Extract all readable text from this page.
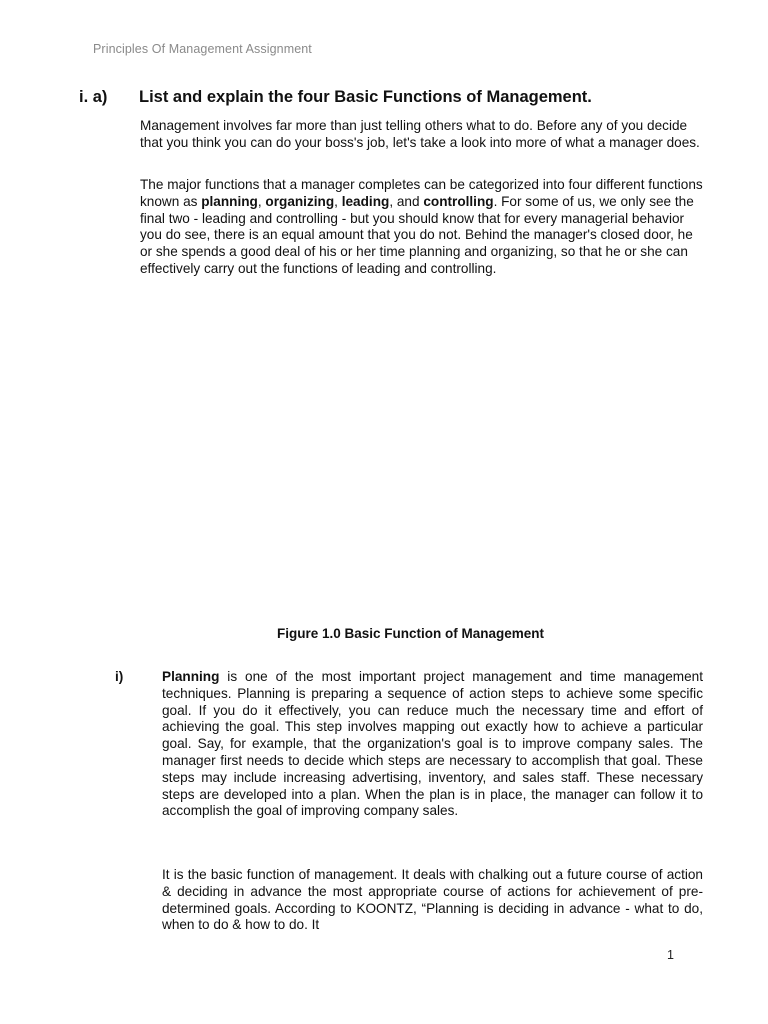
Principles Of Management Assignment
i. a) List and explain the four Basic Functions of Management.

Management involves far more than just telling others what to do. Before any of you decide that you think you can do your boss's job, let's take a look into more of what a manager does.

The major functions that a manager completes can be categorized into four different functions known as planning, organizing, leading, and controlling. For some of us, we only see the final two - leading and controlling - but you should know that for every managerial behavior you do see, there is an equal amount that you do not. Behind the manager's closed door, he or she spends a good deal of his or her time planning and organizing, so that he or she can effectively carry out the functions of leading and controlling.

Figure 1.0 Basic Function of Management
i)	Planning is one of the most important project management and time management techniques. Planning is preparing a sequence of action steps to achieve some specific goal. If you do it effectively, you can reduce much the necessary time and effort of achieving the goal. This step involves mapping out exactly how to achieve a particular goal. Say, for example, that the organization's goal is to improve company sales. The manager first needs to decide which steps are necessary to accomplish that goal. These steps may include increasing advertising, inventory, and sales staff. These necessary steps are developed into a plan. When the plan is in place, the manager can follow it to accomplish the goal of improving company sales.

It is the basic function of management. It deals with chalking out a future course of action & deciding in advance the most appropriate course of actions for achievement of pre-determined goals. According to KOONTZ, “Planning is deciding in advance - what to do, when to do & how to do. It

1
